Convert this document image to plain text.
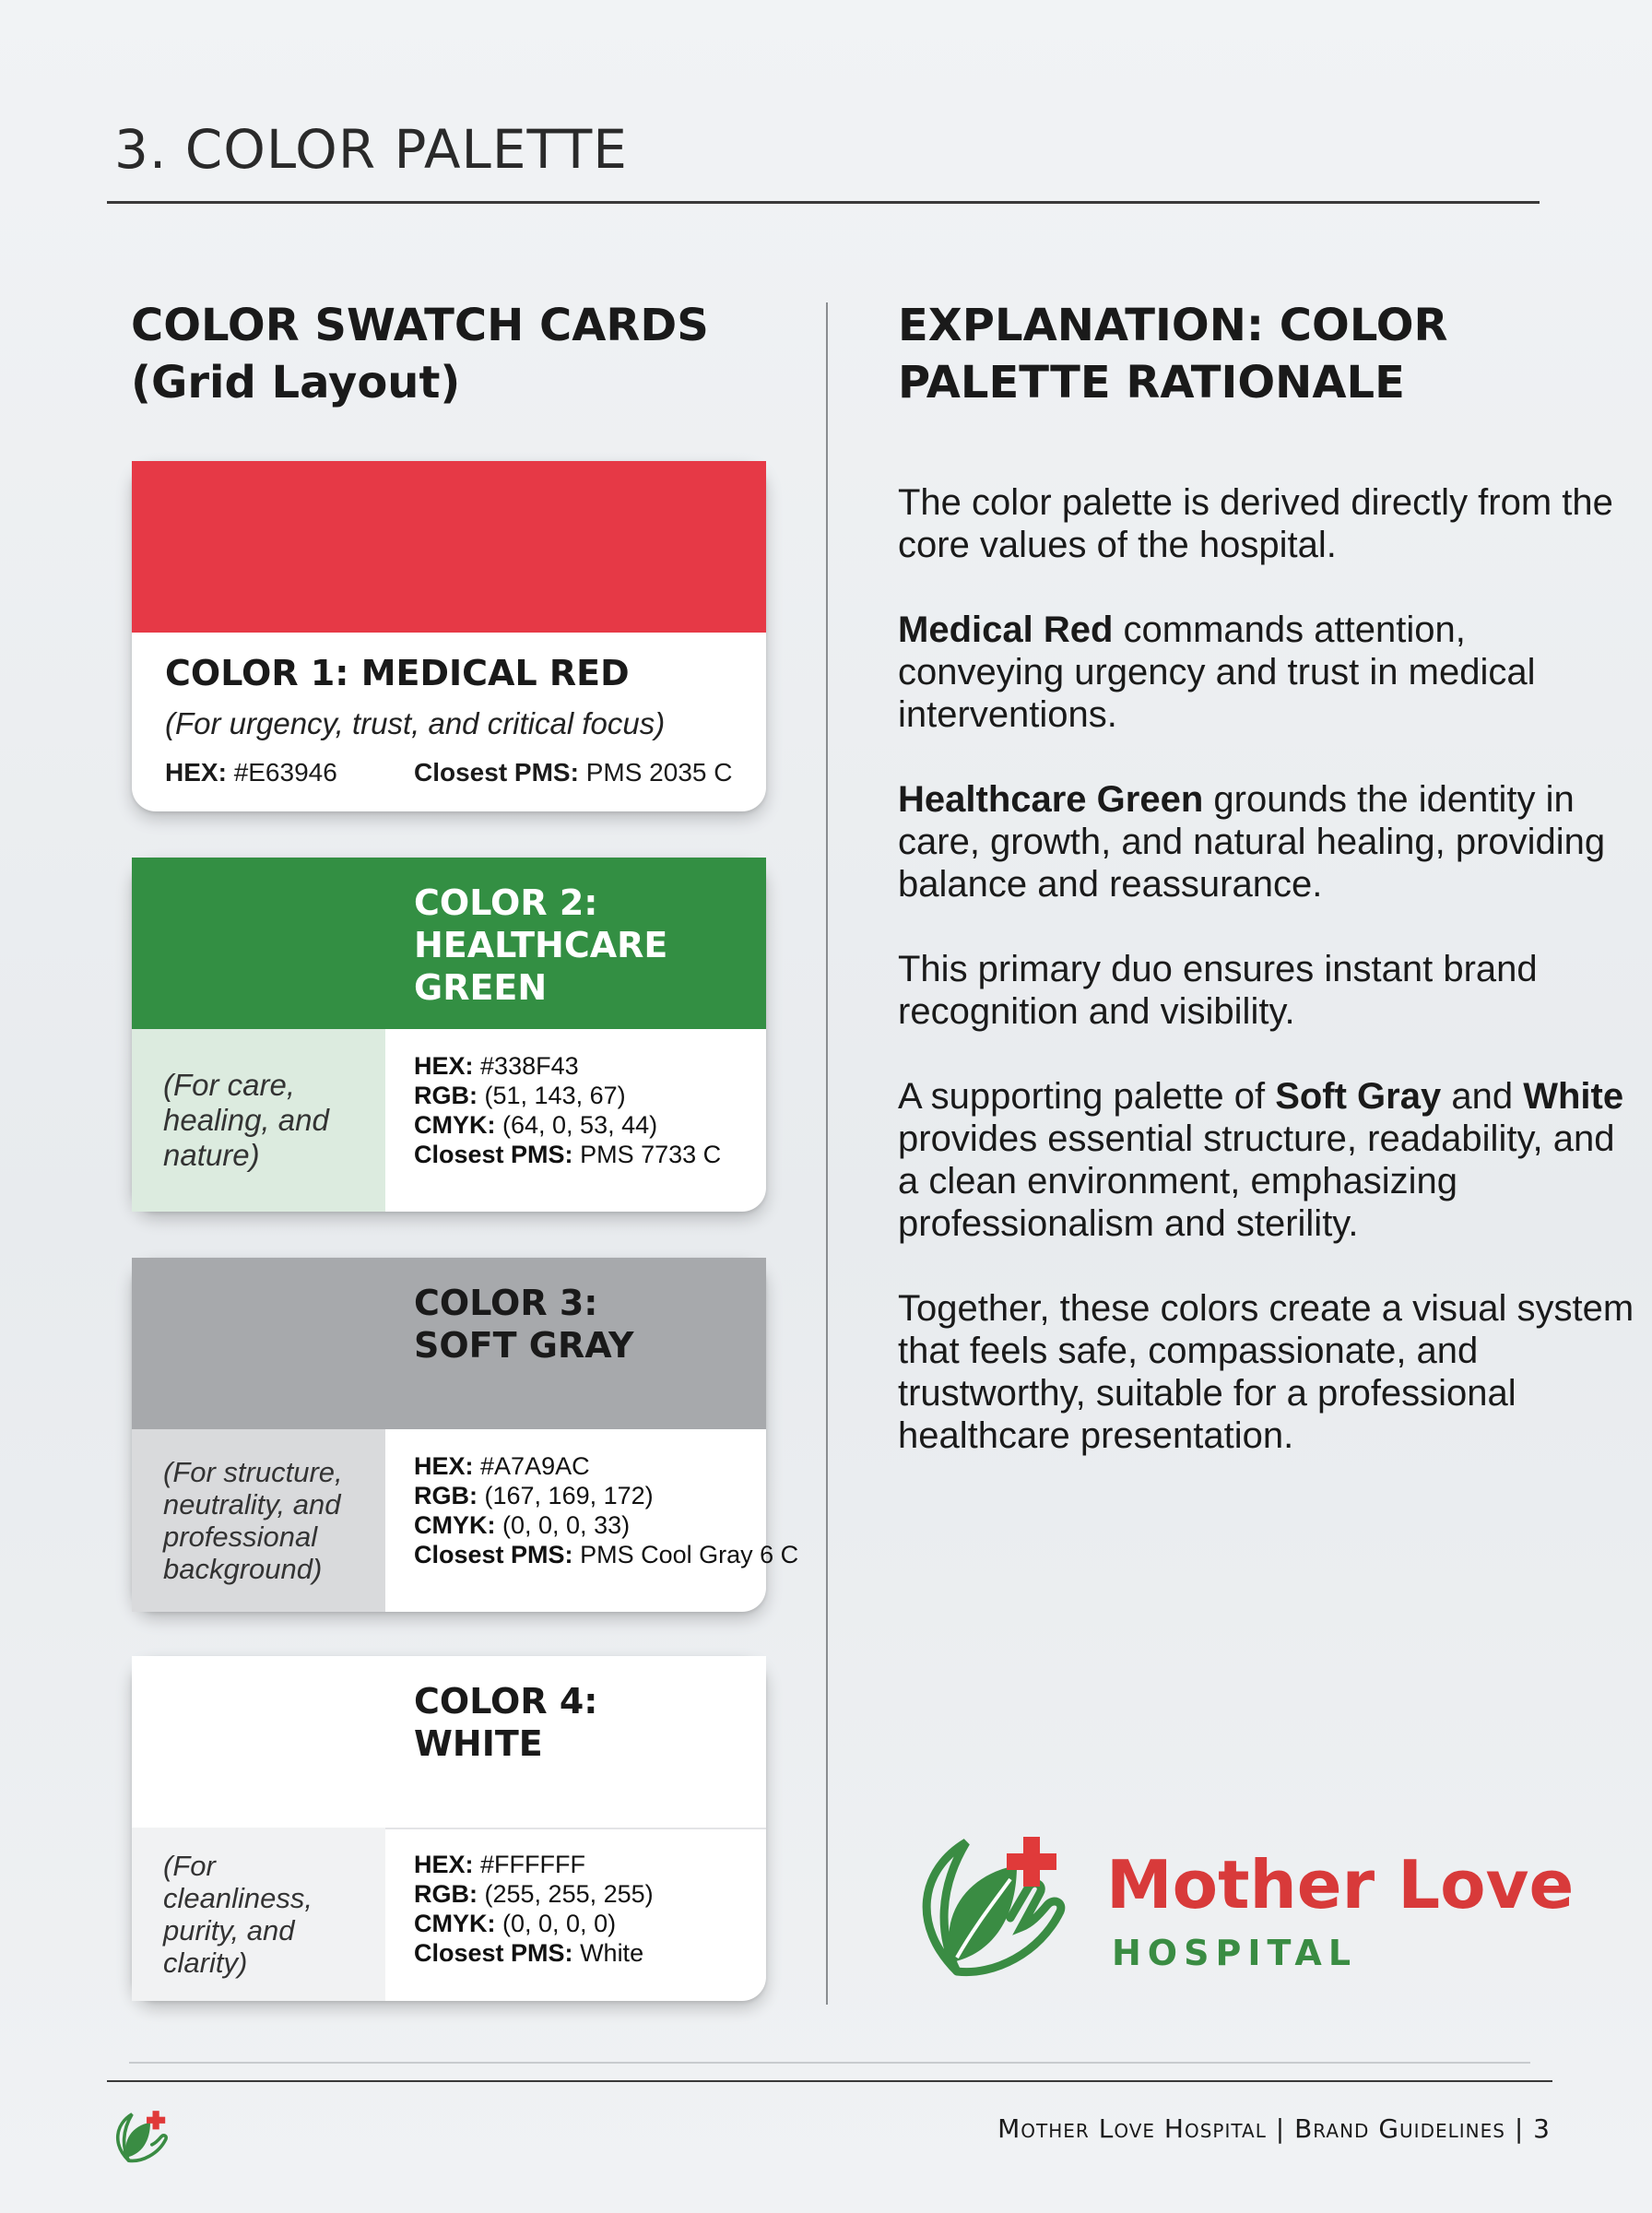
3. COLOR PALETTE
COLOR SWATCH CARDS
(Grid Layout)
EXPLANATION: COLOR
PALETTE RATIONALE
COLOR 1: MEDICAL RED
(For urgency, trust, and critical focus)
HEX: #E63946	Closest PMS: PMS 2035 C
COLOR 2:
HEALTHCARE
GREEN
(For care, healing, and nature)
HEX: #338F43
RGB: (51, 143, 67)
CMYK: (64, 0, 53, 44)
Closest PMS: PMS 7733 C
COLOR 3:
SOFT GRAY
(For structure, neutrality, and professional background)
HEX: #A7A9AC
RGB: (167, 169, 172)
CMYK: (0, 0, 0, 33)
Closest PMS: PMS Cool Gray 6 C
COLOR 4:
WHITE
(For cleanliness, purity, and clarity)
HEX: #FFFFFF
RGB: (255, 255, 255)
CMYK: (0, 0, 0, 0)
Closest PMS: White

The color palette is derived directly from the core values of the hospital.

Medical Red commands attention, conveying urgency and trust in medical interventions.

Healthcare Green grounds the identity in care, growth, and natural healing, providing balance and reassurance.

This primary duo ensures instant brand recognition and visibility.

A supporting palette of Soft Gray and White provides essential structure, readability, and a clean environment, emphasizing professionalism and sterility.

Together, these colors create a visual system that feels safe, compassionate, and trustworthy, suitable for a professional healthcare presentation.

Mother Love
HOSPITAL
Mother Love Hospital | Brand Guidelines | 3
